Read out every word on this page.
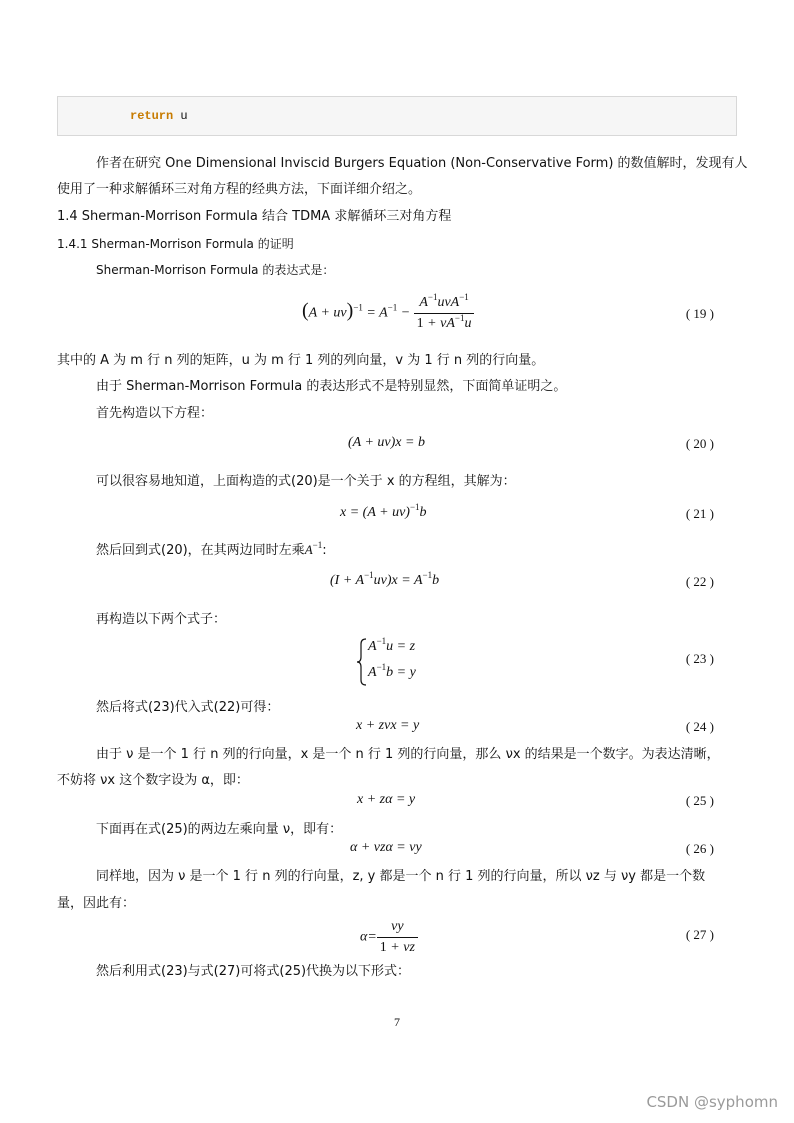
return u
作者在研究 One Dimensional Inviscid Burgers Equation (Non-Conservative Form) 的数值解时，发现有人
使用了一种求解循环三对角方程的经典方法，下面详细介绍之。
1.4 Sherman-Morrison Formula 结合 TDMA 求解循环三对角方程
1.4.1 Sherman-Morrison Formula 的证明
Sherman-Morrison Formula 的表达式是：
$(A + uv)^{-1} = A^{-1} - \frac{A^{-1}u\nu A^{-1}}{1 + \nu A^{-1}u}$	( 19 )
其中的 A 为 m 行 n 列的矩阵，u 为 m 行 1 列的列向量，v 为 1 行 n 列的行向量。
由于 Sherman-Morrison Formula 的表达形式不是特别显然，下面简单证明之。
首先构造以下方程：
(A + uv)x = b	( 20 )
可以很容易地知道，上面构造的式(20)是一个关于 x 的方程组，其解为：
$x = (A + u\nu)^{-1}b$	( 21 )
然后回到式(20)，在其两边同时左乘$A^{-1}$:
$(I + A^{-1}u\nu)x = A^{-1}b$	( 22 )
再构造以下两个式子：
$A^{-1}u = z$
$A^{-1}b = y$
( 23 )
然后将式(23)代入式(22)可得：
x + zνx = y	( 24 )
由于 ν 是一个 1 行 n 列的行向量，x 是一个 n 行 1 列的行向量，那么 νx 的结果是一个数字。为表达清晰，
不妨将 νx 这个数字设为 α，即：
x + zα = y	( 25 )
下面再在式(25)的两边左乘向量 ν，即有：
α + νzα = νy	( 26 )
同样地，因为 ν 是一个 1 行 n 列的行向量，z, y 都是一个 n 行 1 列的行向量，所以 νz 与 νy 都是一个数
量，因此有：
$\alpha= \frac{\nu y}{1 + \nu z}$	( 27 )
然后利用式(23)与式(27)可将式(25)代换为以下形式：
7
CSDN @syphomn
